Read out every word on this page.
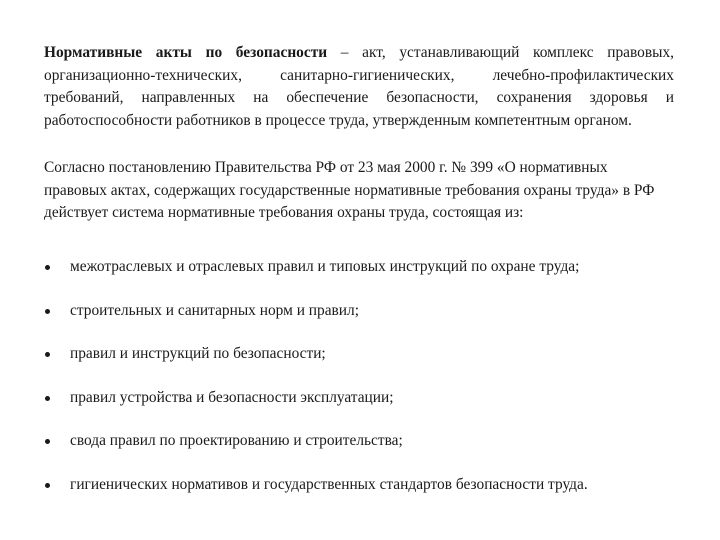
Нормативные акты по безопасности – акт, устанавливающий комплекс правовых, организационно-технических, санитарно-гигиенических, лечебно-профилактических требований, направленных на обеспечение безопасности, сохранения здоровья и работоспособности работников в процессе труда, утвержденным компетентным органом.

Согласно постановлению Правительства РФ от 23 мая 2000 г. № 399 «О нормативных правовых актах, содержащих государственные нормативные требования охраны труда» в РФ действует система нормативные требования охраны труда, состоящая из:

межотраслевых и отраслевых правил и типовых инструкций по охране труда;
строительных и санитарных норм и правил;
правил и инструкций по безопасности;
правил устройства и безопасности эксплуатации;
свода правил по проектированию и строительства;
гигиенических нормативов и государственных стандартов безопасности труда.
